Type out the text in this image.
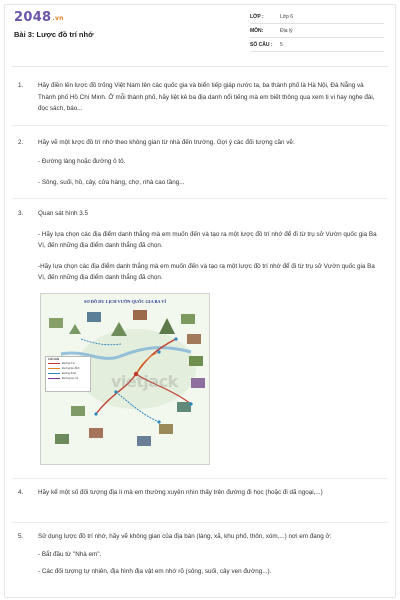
2048.vn
Bài 3: Lược đồ trí nhớ
LỚP :	Lớp 6
MÔN:	Địa lý
SỐ CÂU :	5
1. Hãy điền lên lược đồ trống Việt Nam tên các quốc gia và biển tiếp giáp nước ta, ba thành phố là Hà Nội, Đà Nẵng và Thành phố Hồ Chí Minh. Ở mỗi thành phố, hãy liệt kê ba địa danh nổi tiếng mà em biết thông qua xem ti vi hay nghe đài, đọc sách, báo...

2. Hãy vẽ một lược đồ trí nhớ theo không gian từ nhà đến trường. Gợi ý các đối tượng cần vẽ:

- Đường làng hoặc đường ô tô.

- Sông, suối, hồ, cây, cửa hàng, chợ, nhà cao tầng...

3. Quan sát hình 3.5

- Hãy lựa chọn các địa điểm danh thắng mà em muốn đến và tạo ra một lược đồ trí nhớ để đi từ trụ sở Vườn quốc gia Ba Vì, đến những địa điểm danh thắng đã chọn.

-Hãy lựa chọn các địa điểm danh thắng mà em muốn đến và tạo ra một lược đồ trí nhớ để đi từ trụ sở Vườn quốc gia Ba Vì, đến những địa điểm danh thắng đã chọn.

SƠ ĐỒ DU LỊCH VƯỜN QUỐC GIA BA VÌ
CHÚ GIẢI
Đường ô tô
Đường lên đỉnh
Đường đi bộ
Đường leo núi vietjack
4. Hãy kể một số đối tượng địa lí mà em thường xuyên nhìn thấy trên đường đi học (hoặc đi dã ngoại,...)

5. Sử dụng lược đồ trí nhớ, hãy vẽ không gian của địa bàn (làng, xã, khu phố, thôn, xóm,...) nơi em đang ở:

- Bắt đầu từ "Nhà em".

- Các đối tượng tự nhiên, địa hình địa vật em nhớ rõ (sông, suối, cây ven đường...).
